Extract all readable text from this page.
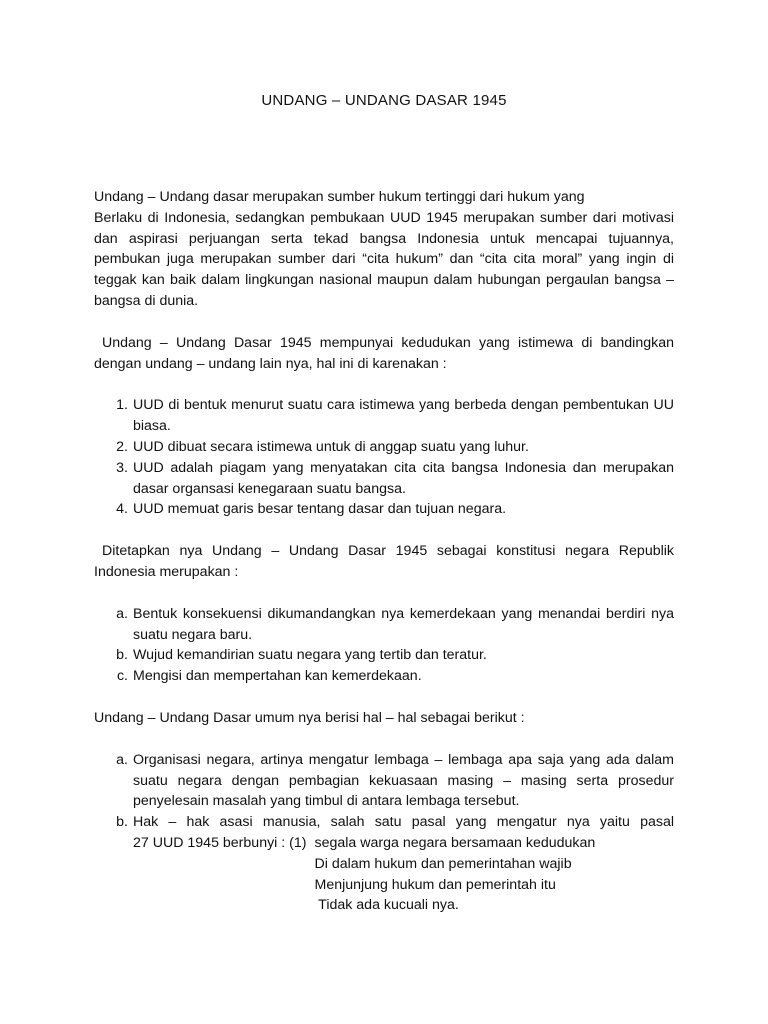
UNDANG – UNDANG DASAR 1945

Undang – Undang dasar merupakan sumber hukum tertinggi dari hukum yang
Berlaku di Indonesia, sedangkan pembukaan UUD 1945 merupakan sumber dari motivasi dan aspirasi perjuangan serta tekad bangsa Indonesia untuk mencapai tujuannya, pembukan juga merupakan sumber dari “cita hukum” dan “cita cita moral” yang ingin di teggak kan baik dalam lingkungan nasional maupun dalam hubungan pergaulan bangsa – bangsa di dunia.

Undang – Undang Dasar 1945 mempunyai kedudukan yang istimewa di bandingkan dengan undang – undang lain nya, hal ini di karenakan :

1. UUD di bentuk menurut suatu cara istimewa yang berbeda dengan pembentukan UU biasa.
2. UUD dibuat secara istimewa untuk di anggap suatu yang luhur.
3. UUD adalah piagam yang menyatakan cita cita bangsa Indonesia dan merupakan dasar organsasi kenegaraan suatu bangsa.
4. UUD memuat garis besar tentang dasar dan tujuan negara.

Ditetapkan nya Undang – Undang Dasar 1945 sebagai konstitusi negara Republik Indonesia merupakan :

a. Bentuk konsekuensi dikumandangkan nya kemerdekaan yang menandai berdiri nya suatu negara baru.
b. Wujud kemandirian suatu negara yang tertib dan teratur.
c. Mengisi dan mempertahan kan kemerdekaan.

Undang – Undang Dasar umum nya berisi hal – hal sebagai berikut :

a. Organisasi negara, artinya mengatur lembaga – lembaga apa saja yang ada dalam suatu negara dengan pembagian kekuasaan masing – masing serta prosedur penyelesain masalah yang timbul di antara lembaga tersebut.
b. Hak – hak asasi manusia, salah satu pasal yang mengatur nya yaitu pasal
27 UUD 1945 berbunyi : (1) segala warga negara bersamaan kedudukan
Di dalam hukum dan pemerintahan wajib
Menjunjung hukum dan pemerintah itu
Tidak ada kucuali nya.
